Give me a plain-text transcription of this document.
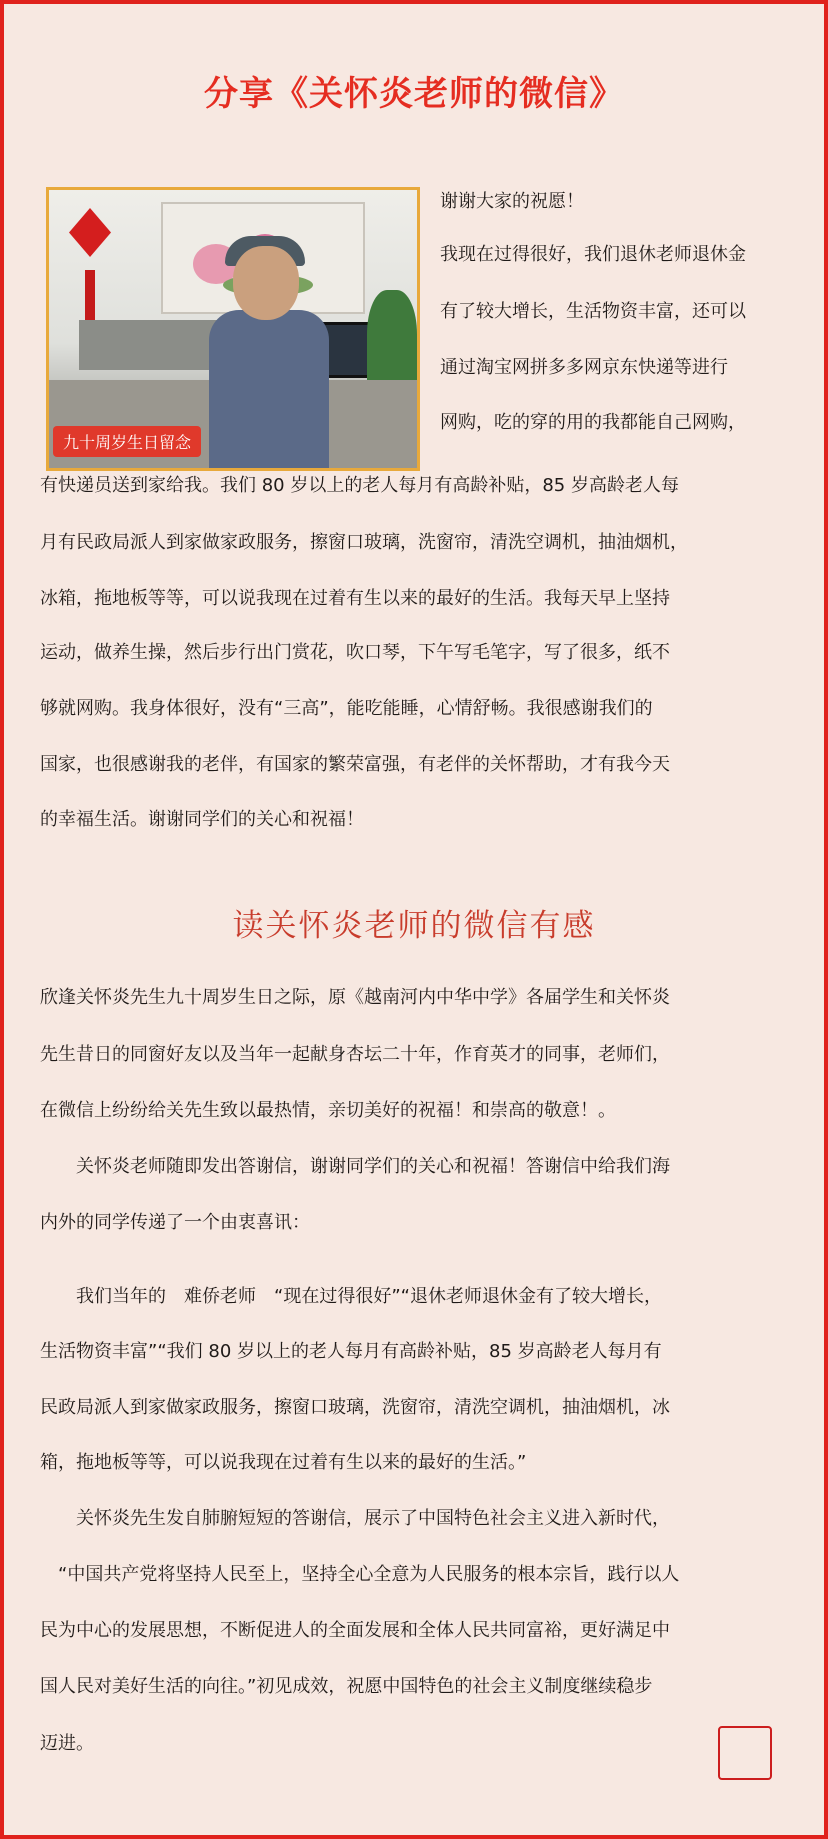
分享《关怀炎老师的微信》
九十周岁生日留念
谢谢大家的祝愿！
我现在过得很好，我们退休老师退休金
有了较大增长，生活物资丰富，还可以
通过淘宝网拼多多网京东快递等进行
网购，吃的穿的用的我都能自己网购，
有快递员送到家给我。我们 80 岁以上的老人每月有高龄补贴，85 岁高龄老人每
月有民政局派人到家做家政服务，擦窗口玻璃，洗窗帘，清洗空调机，抽油烟机，
冰箱，拖地板等等，可以说我现在过着有生以来的最好的生活。我每天早上坚持
运动，做养生操，然后步行出门赏花，吹口琴，下午写毛笔字，写了很多，纸不
够就网购。我身体很好，没有“三高”，能吃能睡，心情舒畅。我很感谢我们的
国家，也很感谢我的老伴，有国家的繁荣富强，有老伴的关怀帮助，才有我今天
的幸福生活。谢谢同学们的关心和祝福！
读关怀炎老师的微信有感
欣逢关怀炎先生九十周岁生日之际，原《越南河内中华中学》各届学生和关怀炎
先生昔日的同窗好友以及当年一起献身杏坛二十年，作育英才的同事，老师们，
在微信上纷纷给关先生致以最热情，亲切美好的祝福！和崇高的敬意！。
　　关怀炎老师随即发出答谢信，谢谢同学们的关心和祝福！答谢信中给我们海
内外的同学传递了一个由衷喜讯：
　　我们当年的　难侨老师　“现在过得很好”“退休老师退休金有了较大增长，
生活物资丰富”“我们 80 岁以上的老人每月有高龄补贴，85 岁高龄老人每月有
民政局派人到家做家政服务，擦窗口玻璃，洗窗帘，清洗空调机，抽油烟机，冰
箱，拖地板等等，可以说我现在过着有生以来的最好的生活。”
　　关怀炎先生发自肺腑短短的答谢信，展示了中国特色社会主义进入新时代，
　“中国共产党将坚持人民至上，坚持全心全意为人民服务的根本宗旨，践行以人
民为中心的发展思想，不断促进人的全面发展和全体人民共同富裕，更好满足中
国人民对美好生活的向往。”初见成效，祝愿中国特色的社会主义制度继续稳步
迈进。
